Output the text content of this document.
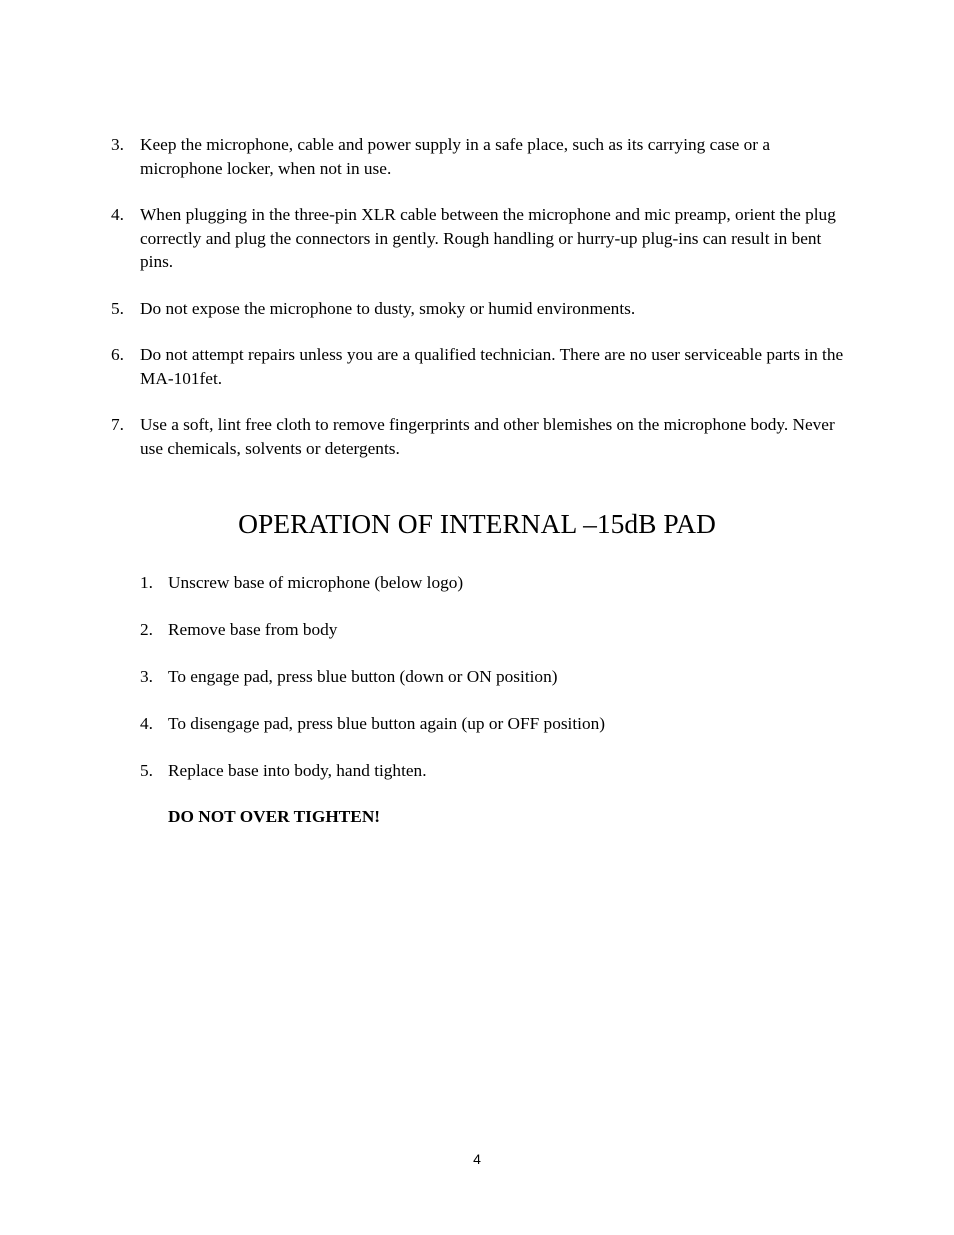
3. Keep the microphone, cable and power supply in a safe place, such as its carrying case or a microphone locker, when not in use.
4. When plugging in the three-pin XLR cable between the microphone and mic preamp, orient the plug correctly and plug the connectors in gently. Rough handling or hurry-up plug-ins can result in bent pins.
5. Do not expose the microphone to dusty, smoky or humid environments.
6. Do not attempt repairs unless you are a qualified technician. There are no user serviceable parts in the MA-101fet.
7. Use a soft, lint free cloth to remove fingerprints and other blemishes on the microphone body. Never use chemicals, solvents or detergents.
OPERATION OF INTERNAL –15dB PAD
1. Unscrew base of microphone (below logo)
2. Remove base from body
3. To engage pad, press blue button (down or ON position)
4. To disengage pad, press blue button again (up or OFF position)
5. Replace base into body, hand tighten.

DO NOT OVER TIGHTEN!

4
